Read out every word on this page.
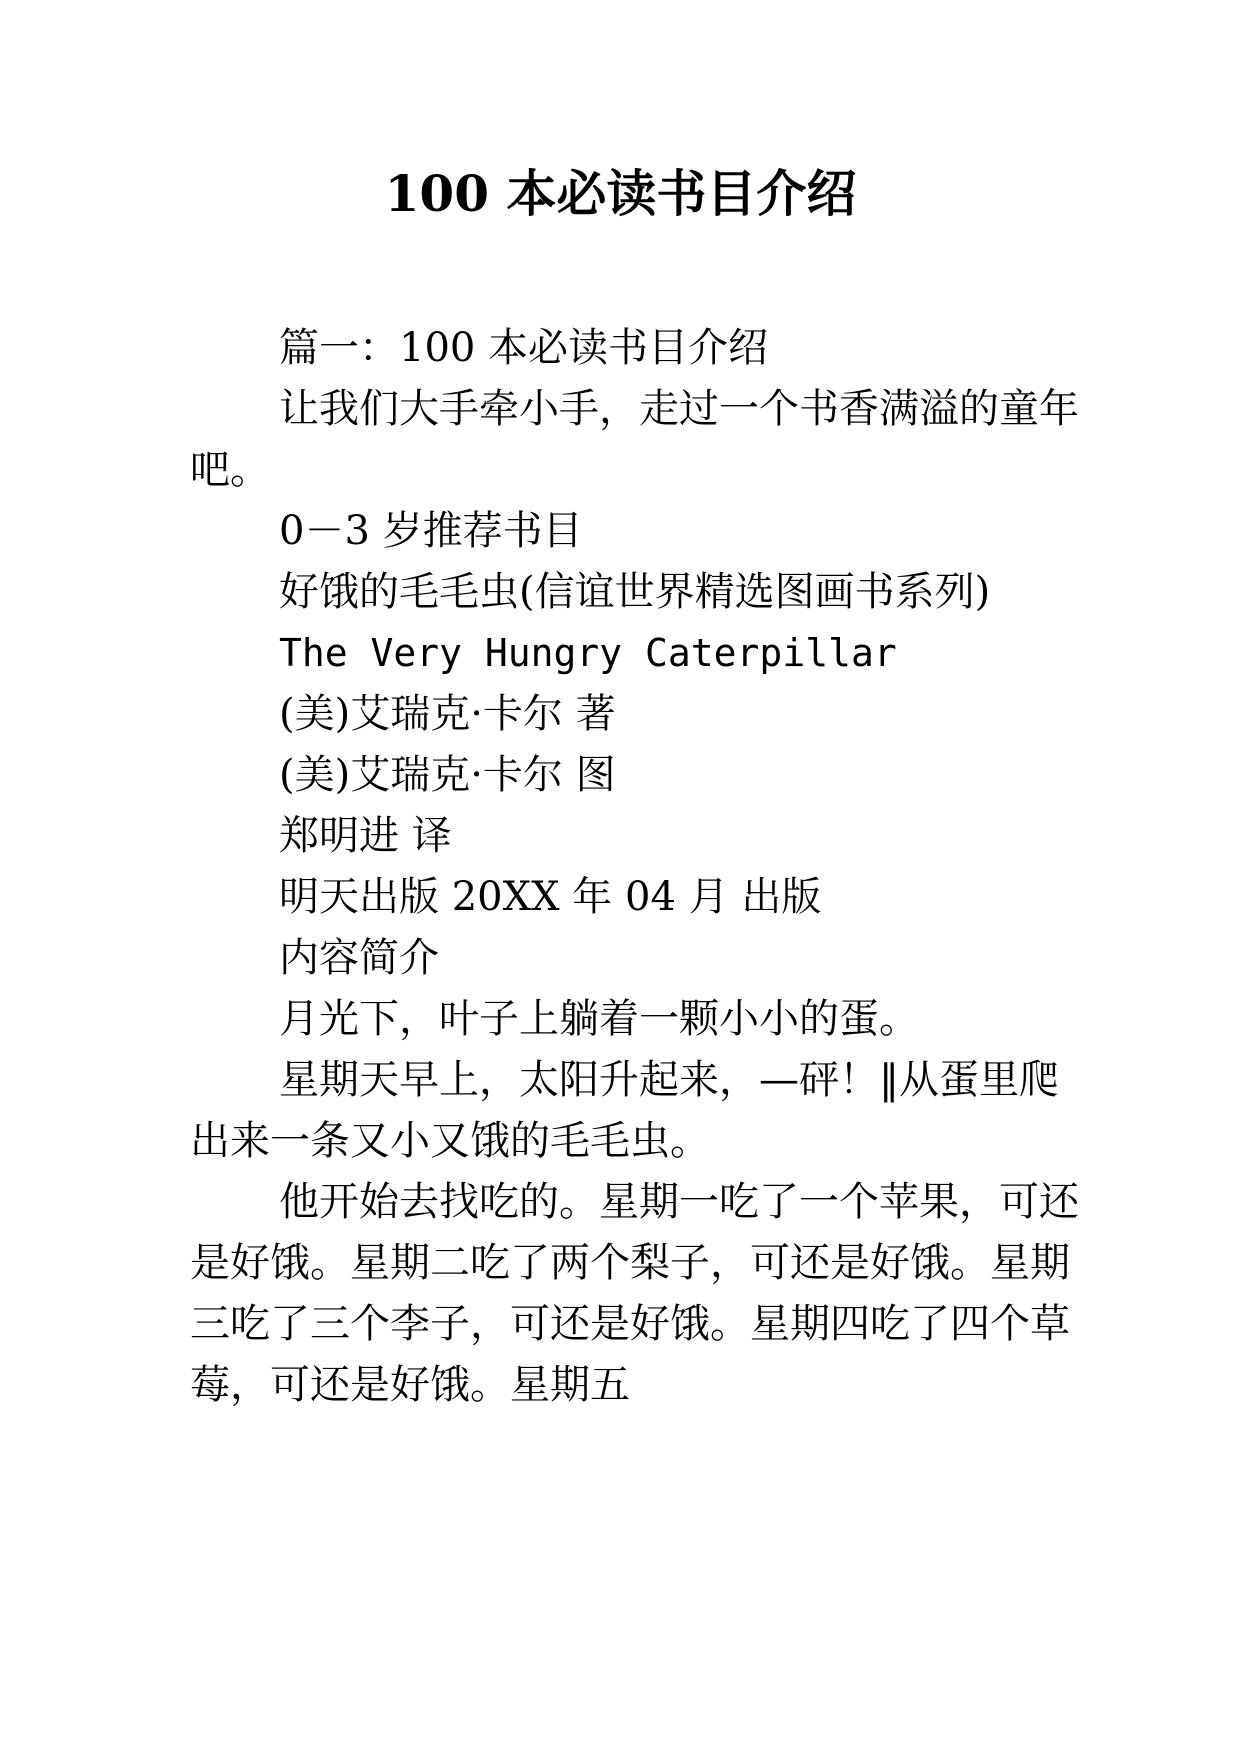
100 本必读书目介绍

篇一：100 本必读书目介绍

让我们大手牵小手，走过一个书香满溢的童年吧。

0－3 岁推荐书目

好饿的毛毛虫(信谊世界精选图画书系列)

The Very Hungry Caterpillar

(美)艾瑞克·卡尔 著

(美)艾瑞克·卡尔 图

郑明进 译

明天出版 20XX 年 04 月 出版

内容简介

月光下，叶子上躺着一颗小小的蛋。

星期天早上，太阳升起来，—砰！‖从蛋里爬出来一条又小又饿的毛毛虫。

他开始去找吃的。星期一吃了一个苹果，可还是好饿。星期二吃了两个梨子，可还是好饿。星期三吃了三个李子，可还是好饿。星期四吃了四个草莓，可还是好饿。星期五
